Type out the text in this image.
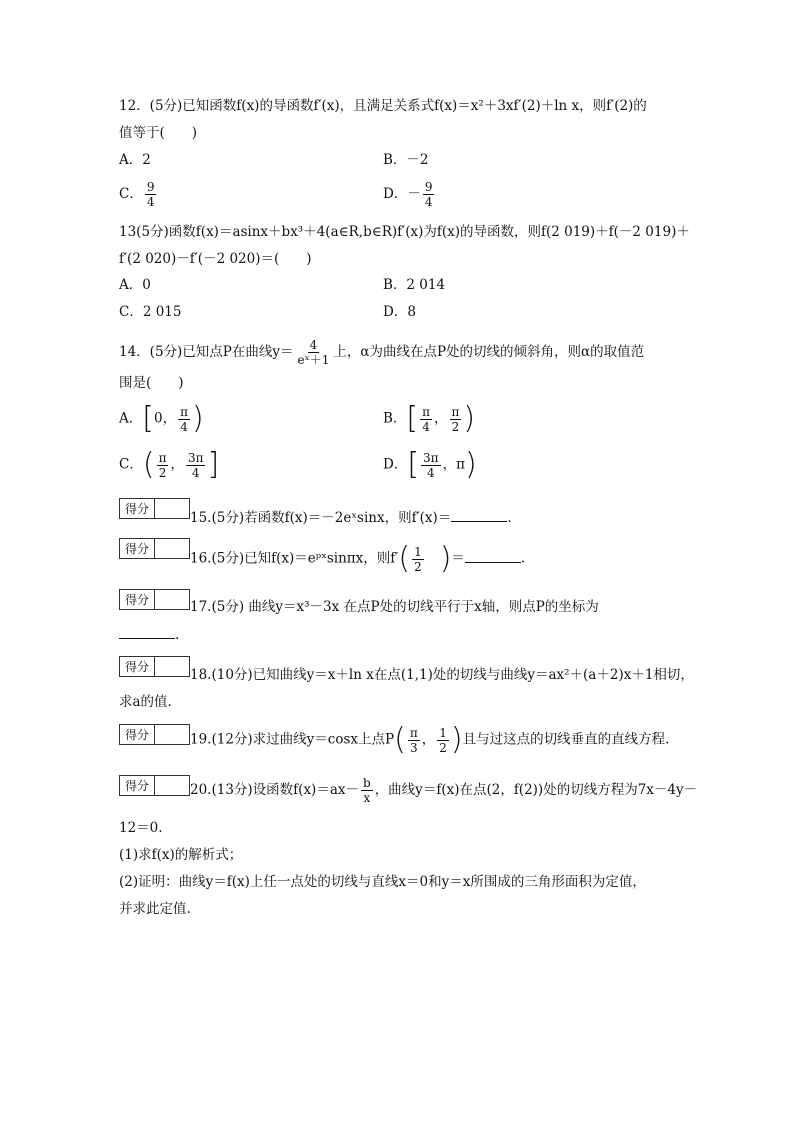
12．(5分)已知函数f(x)的导函数f′(x)，且满足关系式f(x)＝x²＋3xf′(2)＋ln x，则f′(2)的
值等于(　　)
A．2	B．－2
C． $\frac{9}{4}$	D．－ $\frac{9}{4}$
13(5分)函数f(x)＝asinx＋bx³＋4(a∈R,b∈R)f′(x)为f(x)的导函数，则f(2 019)＋f(－2 019)＋
f′(2 020)－f′(－2 020)＝(　　)
A．0	B．2 014
C．2 015	D．8
14．(5分)已知点P在曲线$y= \frac{4}{\text{eˣ＋1}}$ 上，α为曲线在点P处的切线的倾斜角，则α的取值范
围是(　　)
A．[0， $\frac{\pi}{4}$ )	B．[ $\frac{\pi}{4}$ ， $\frac{\pi}{2}$ )
C．( $\frac{\pi}{2}$ ， $\frac{3\pi}{4}$ ]	D．[ $\frac{3\pi}{4}$ ，π)
得分
15.(5分)若函数f(x)＝－2eˣsinx，则f′(x)＝	.
得分
16.(5分)已知f(x)＝eᵖˣsinπx，则$f'( \frac{1}{2}$ )＝	.
得分	17.(5分) 曲线y＝x³－3x 在点P处的切线平行于x轴，则点P的坐标为
.
得分	18.(10分)已知曲线y＝x＋ln x在点(1,1)处的切线与曲线y＝ax²＋(a＋2)x＋1相切，
求a的值.
得分	19.(12分)求过曲线y＝cosx上点$P( \frac{\pi}{3}$ ， $\frac{1}{2}$ )且与过这点的切线垂直的直线方程.
得分	20.(13分)设函数$f(x)=ax- \frac{b}{x}$ ，曲线y＝f(x)在点(2，f(2))处的切线方程为7x－4y－
12＝0.
(1)求f(x)的解析式；
(2)证明：曲线y＝f(x)上任一点处的切线与直线x＝0和y＝x所围成的三角形面积为定值，
并求此定值.
